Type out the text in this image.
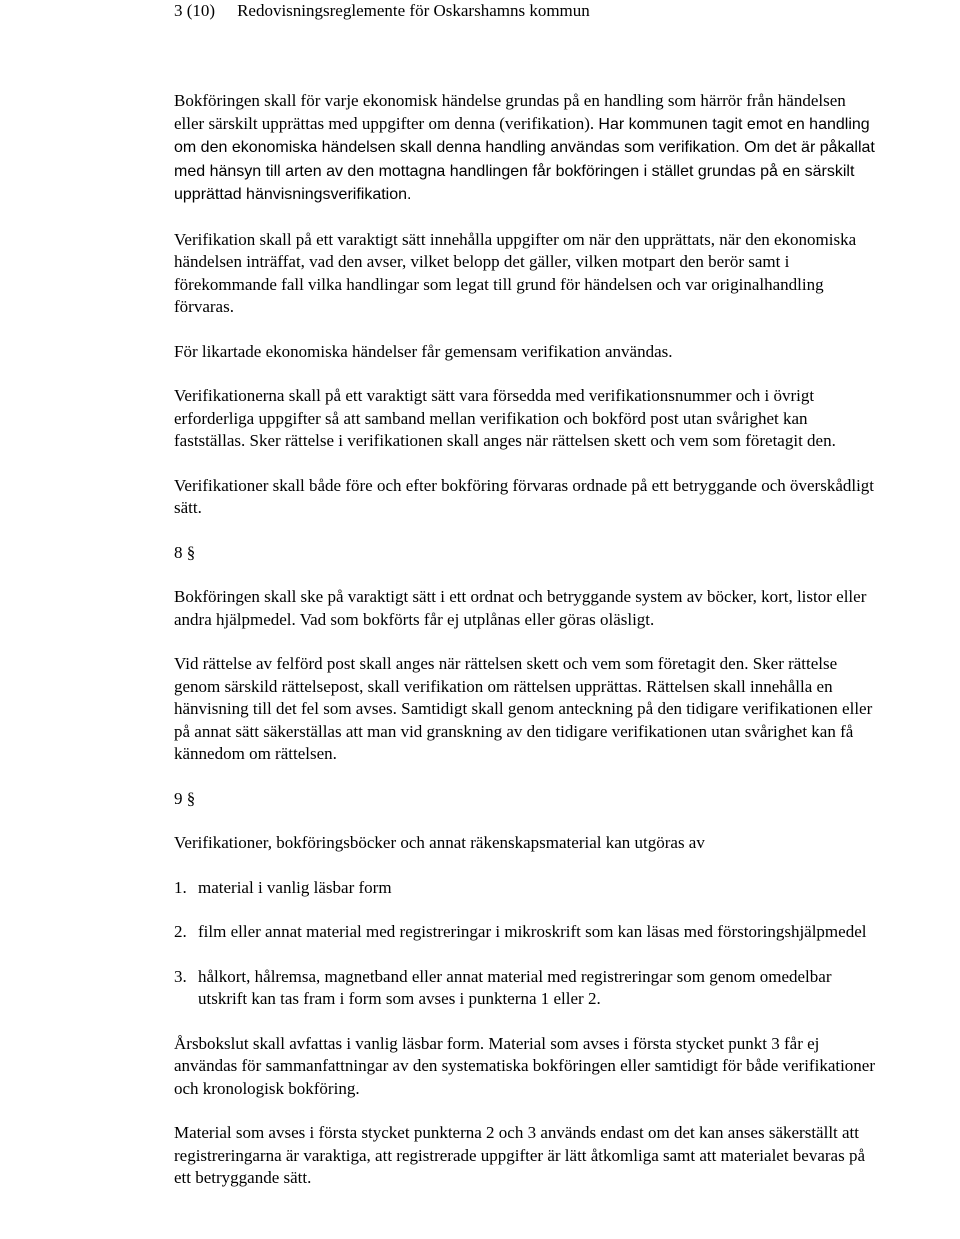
3 (10) Redovisningsreglemente för Oskarshamns kommun

Bokföringen skall för varje ekonomisk händelse grundas på en handling som härrör från händelsen eller särskilt upprättas med uppgifter om denna (verifikation). Har kommunen tagit emot en handling om den ekonomiska händelsen skall denna handling användas som verifikation. Om det är påkallat med hänsyn till arten av den mottagna handlingen får bokföringen i stället grundas på en särskilt upprättad hänvisningsverifikation.

Verifikation skall på ett varaktigt sätt innehålla uppgifter om när den upprättats, när den ekonomiska händelsen inträffat, vad den avser, vilket belopp det gäller, vilken motpart den berör samt i förekommande fall vilka handlingar som legat till grund för händelsen och var originalhandling förvaras.

För likartade ekonomiska händelser får gemensam verifikation användas.

Verifikationerna skall på ett varaktigt sätt vara försedda med verifikationsnummer och i övrigt erforderliga uppgifter så att samband mellan verifikation och bokförd post utan svårighet kan fastställas. Sker rättelse i verifikationen skall anges när rättelsen skett och vem som företagit den.

Verifikationer skall både före och efter bokföring förvaras ordnade på ett betryggande och överskådligt sätt.

8 §

Bokföringen skall ske på varaktigt sätt i ett ordnat och betryggande system av böcker, kort, listor eller andra hjälpmedel. Vad som bokförts får ej utplånas eller göras oläsligt.

Vid rättelse av felförd post skall anges när rättelsen skett och vem som företagit den. Sker rättelse genom särskild rättelsepost, skall verifikation om rättelsen upprättas. Rättelsen skall innehålla en hänvisning till det fel som avses. Samtidigt skall genom anteckning på den tidigare verifikationen eller på annat sätt säkerställas att man vid granskning av den tidigare verifikationen utan svårighet kan få kännedom om rättelsen.

9 §

Verifikationer, bokföringsböcker och annat räkenskapsmaterial kan utgöras av

1. material i vanlig läsbar form
2. film eller annat material med registreringar i mikroskrift som kan läsas med förstoringshjälpmedel
3. hålkort, hålremsa, magnetband eller annat material med registreringar som genom omedelbar utskrift kan tas fram i form som avses i punkterna 1 eller 2.

Årsbokslut skall avfattas i vanlig läsbar form. Material som avses i första stycket punkt 3 får ej användas för sammanfattningar av den systematiska bokföringen eller samtidigt för både verifikationer och kronologisk bokföring.

Material som avses i första stycket punkterna 2 och 3 används endast om det kan anses säkerställt att registreringarna är varaktiga, att registrerade uppgifter är lätt åtkomliga samt att materialet bevaras på ett betryggande sätt.
